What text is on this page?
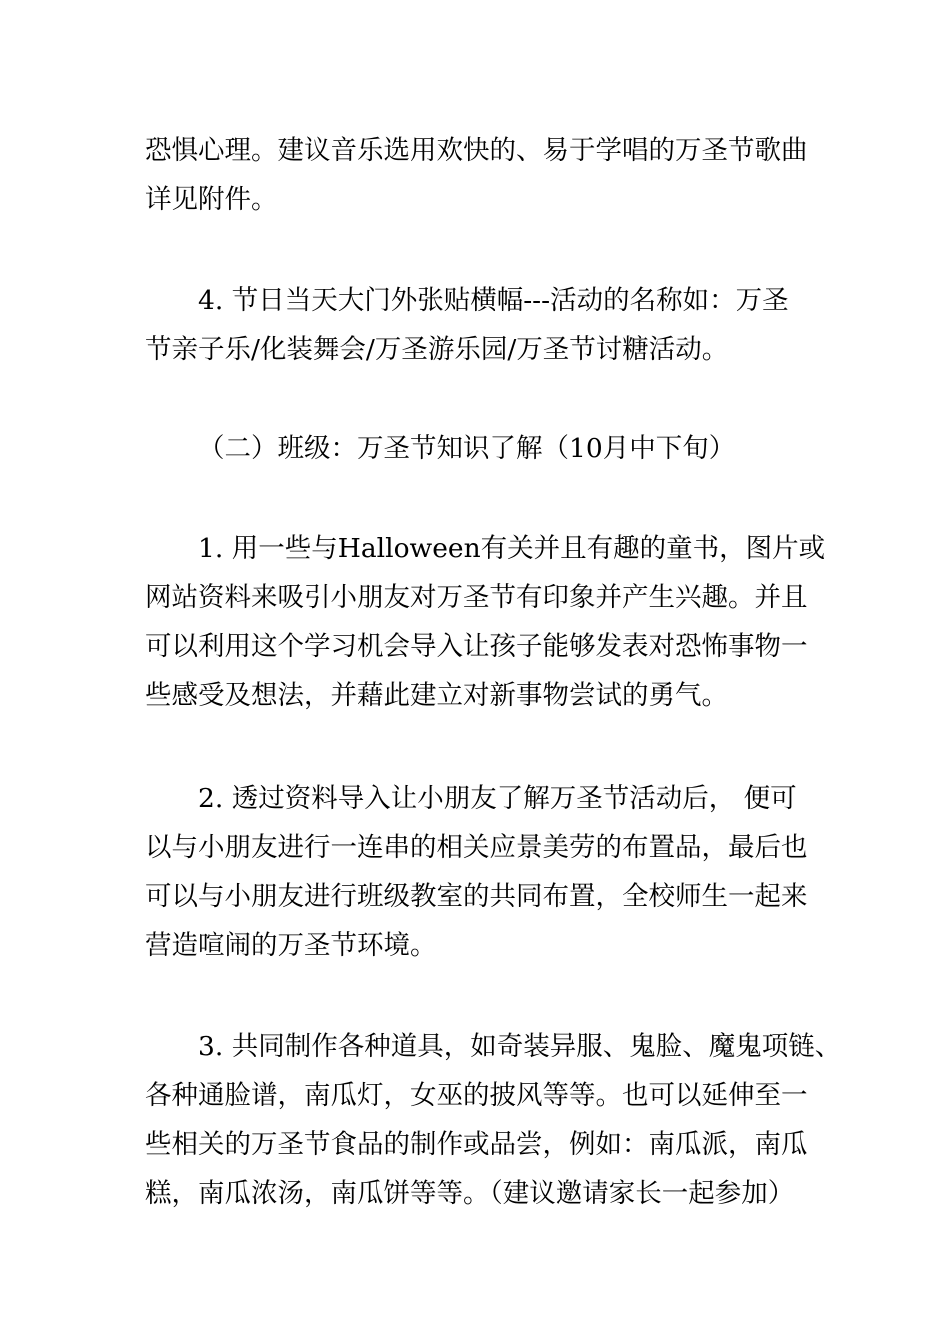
恐惧心理。建议音乐选用欢快的、易于学唱的万圣节歌曲
详见附件。
4. 节日当天大门外张贴横幅---活动的名称如：万圣
节亲子乐/化装舞会/万圣游乐园/万圣节讨糖活动。
（二）班级：万圣节知识了解（10月中下旬）
1. 用一些与Halloween有关并且有趣的童书，图片或
网站资料来吸引小朋友对万圣节有印象并产生兴趣。并且
可以利用这个学习机会导入让孩子能够发表对恐怖事物一
些感受及想法，并藉此建立对新事物尝试的勇气。
2. 透过资料导入让小朋友了解万圣节活动后， 便可
以与小朋友进行一连串的相关应景美劳的布置品，最后也
可以与小朋友进行班级教室的共同布置，全校师生一起来
营造喧闹的万圣节环境。
3. 共同制作各种道具，如奇装异服、鬼脸、魔鬼项链、
各种通脸谱，南瓜灯，女巫的披风等等。也可以延伸至一
些相关的万圣节食品的制作或品尝，例如：南瓜派，南瓜
糕，南瓜浓汤，南瓜饼等等。（建议邀请家长一起参加）
